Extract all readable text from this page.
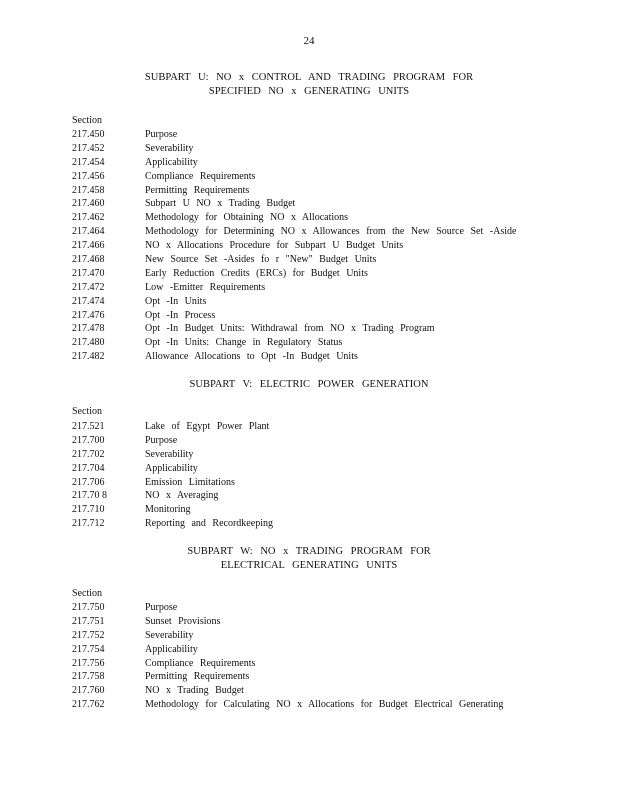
24
SUBPART U: NO x CONTROL AND TRADING PROGRAM FOR
SPECIFIED NO x GENERATING UNITS
Section
217.450	Purpose
217.452	Severability
217.454	Applicability
217.456	Compliance Requirements
217.458	Permitting Requirements
217.460	Subpart U NO x Trading Budget
217.462	Methodology for Obtaining NO x Allocations
217.464	Methodology for Determining NO x Allowances from the New Source Set -Aside
217.466	NO x Allocations Procedure for Subpart U Budget Units
217.468	New Source Set -Asides fo r "New" Budget Units
217.470	Early Reduction Credits (ERCs) for Budget Units
217.472	Low -Emitter Requirements
217.474	Opt -In Units
217.476	Opt -In Process
217.478	Opt -In Budget Units: Withdrawal from NO x Trading Program
217.480	Opt -In Units: Change in Regulatory Status
217.482	Allowance Allocations to Opt -In Budget Units
SUBPART V: ELECTRIC POWER GENERATION
Section
217.521	Lake of Egypt Power Plant
217.700	Purpose
217.702	Severability
217.704	Applicability
217.706	Emission Limitations
217.70 8	NO x Averaging
217.710	Monitoring
217.712	Reporting and Recordkeeping
SUBPART W: NO x TRADING PROGRAM FOR
ELECTRICAL GENERATING UNITS
Section
217.750	Purpose
217.751	Sunset Provisions
217.752	Severability
217.754	Applicability
217.756	Compliance Requirements
217.758	Permitting Requirements
217.760	NO x Trading Budget
217.762	Methodology for Calculating NO x Allocations for Budget Electrical Generating
